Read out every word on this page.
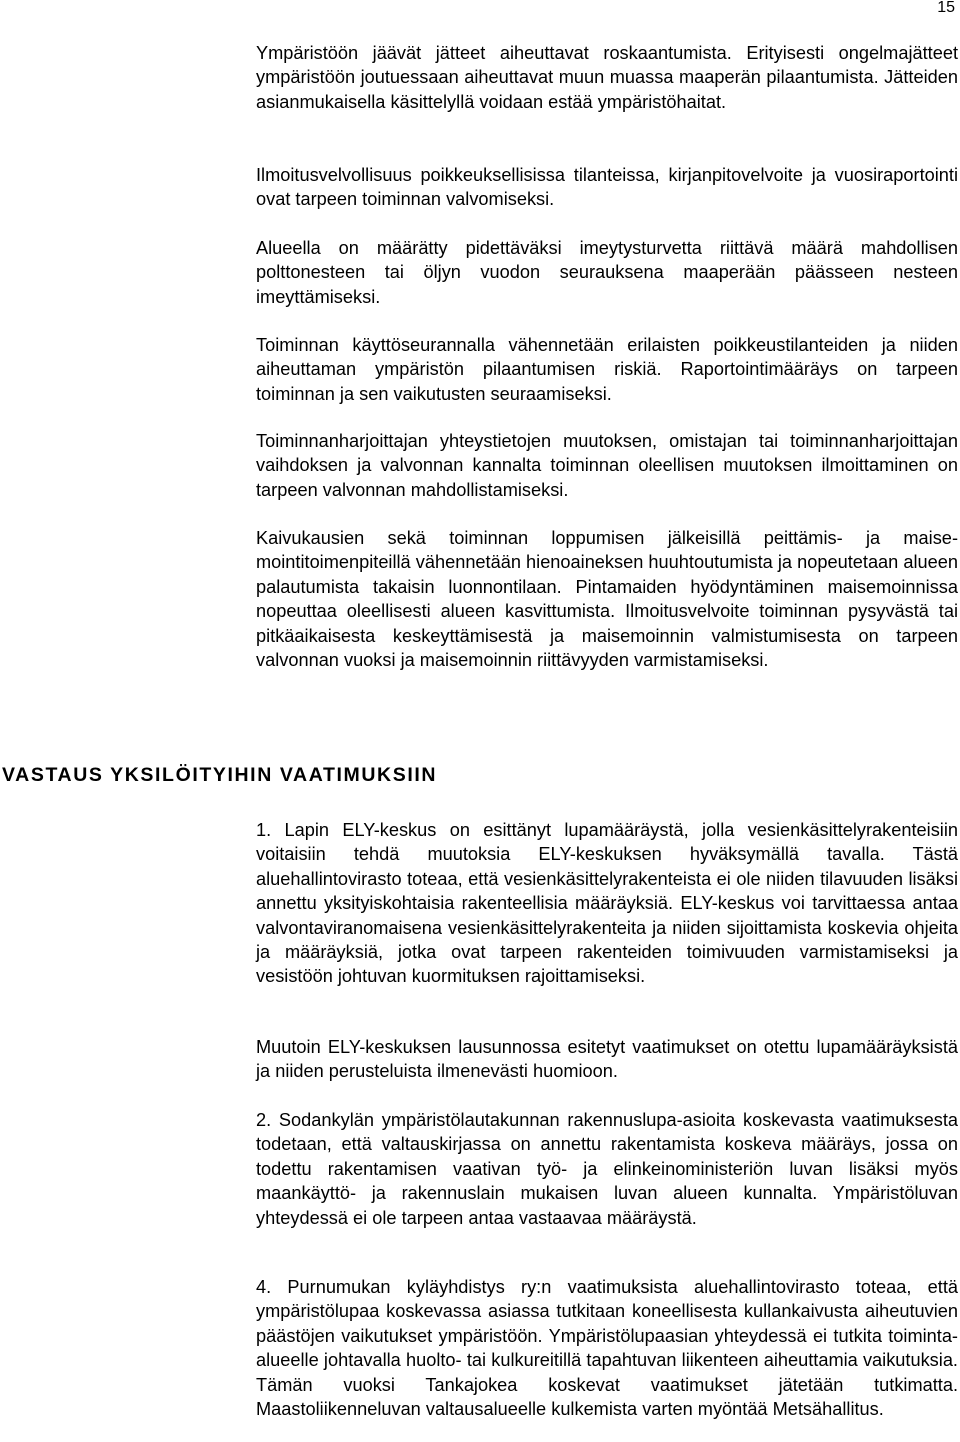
15

Ympäristöön jäävät jätteet aiheuttavat roskaantumista. Erityisesti ongelmajätteet ympäristöön joutuessaan aiheuttavat muun muassa maaperän pilaantumista. Jätteiden asianmukaisella käsittelyllä voidaan estää ympäristöhaitat.

Ilmoitusvelvollisuus poikkeuksellisissa tilanteissa, kirjanpitovelvoite ja vuosiraportointi ovat tarpeen toiminnan valvomiseksi.

Alueella on määrätty pidettäväksi imeytysturvetta riittävä määrä mahdollisen polttonesteen tai öljyn vuodon seurauksena maaperään päässeen nesteen imeyttämiseksi.

Toiminnan käyttöseurannalla vähennetään erilaisten poikkeustilanteiden ja niiden aiheuttaman ympäristön pilaantumisen riskiä. Raportointimääräys on tarpeen toiminnan ja sen vaikutusten seuraamiseksi.

Toiminnanharjoittajan yhteystietojen muutoksen, omistajan tai toiminnanharjoittajan vaihdoksen ja valvonnan kannalta toiminnan oleellisen muutoksen ilmoittaminen on tarpeen valvonnan mahdollistamiseksi.

Kaivukausien sekä toiminnan loppumisen jälkeisillä peittämis- ja maisemointitoimenpiteillä vähennetään hienoaineksen huuhtoutumista ja nopeutetaan alueen palautumista takaisin luonnontilaan. Pintamaiden hyödyntäminen maisemoinnissa nopeuttaa oleellisesti alueen kasvittumista. Ilmoitusvelvoite toiminnan pysyvästä tai pitkäaikaisesta keskeyttämisestä ja maisemoinnin valmistumisesta on tarpeen valvonnan vuoksi ja maisemoinnin riittävyyden varmistamiseksi.

VASTAUS YKSILÖITYIHIN VAATIMUKSIIN

1. Lapin ELY-keskus on esittänyt lupamääräystä, jolla vesienkäsittelyrakenteisiin voitaisiin tehdä muutoksia ELY-keskuksen hyväksymällä tavalla. Tästä aluehallintovirasto toteaa, että vesienkäsittelyrakenteista ei ole niiden tilavuuden lisäksi annettu yksityiskohtaisia rakenteellisia määräyksiä. ELY-keskus voi tarvittaessa antaa valvontaviranomaisena vesienkäsittelyrakenteita ja niiden sijoittamista koskevia ohjeita ja määräyksiä, jotka ovat tarpeen rakenteiden toimivuuden varmistamiseksi ja vesistöön johtuvan kuormituksen rajoittamiseksi.

Muutoin ELY-keskuksen lausunnossa esitetyt vaatimukset on otettu lupamääräyksistä ja niiden perusteluista ilmenevästi huomioon.

2. Sodankylän ympäristölautakunnan rakennuslupa-asioita koskevasta vaatimuksesta todetaan, että valtauskirjassa on annettu rakentamista koskeva määräys, jossa on todettu rakentamisen vaativan työ- ja elinkeinoministeriön luvan lisäksi myös maankäyttö- ja rakennuslain mukaisen luvan alueen kunnalta. Ympäristöluvan yhteydessä ei ole tarpeen antaa vastaavaa määräystä.

4. Purnumukan kyläyhdistys ry:n vaatimuksista aluehallintovirasto toteaa, että ympäristölupaa koskevassa asiassa tutkitaan koneellisesta kullankaivusta aiheutuvien päästöjen vaikutukset ympäristöön. Ympäristölupaasian yhteydessä ei tutkita toiminta-alueelle johtavalla huolto- tai kulkureitillä tapahtuvan liikenteen aiheuttamia vaikutuksia. Tämän vuoksi Tankajokea koskevat vaatimukset jätetään tutkimatta. Maastoliikenneluvan valtausalueelle kulkemista varten myöntää Metsähallitus.
